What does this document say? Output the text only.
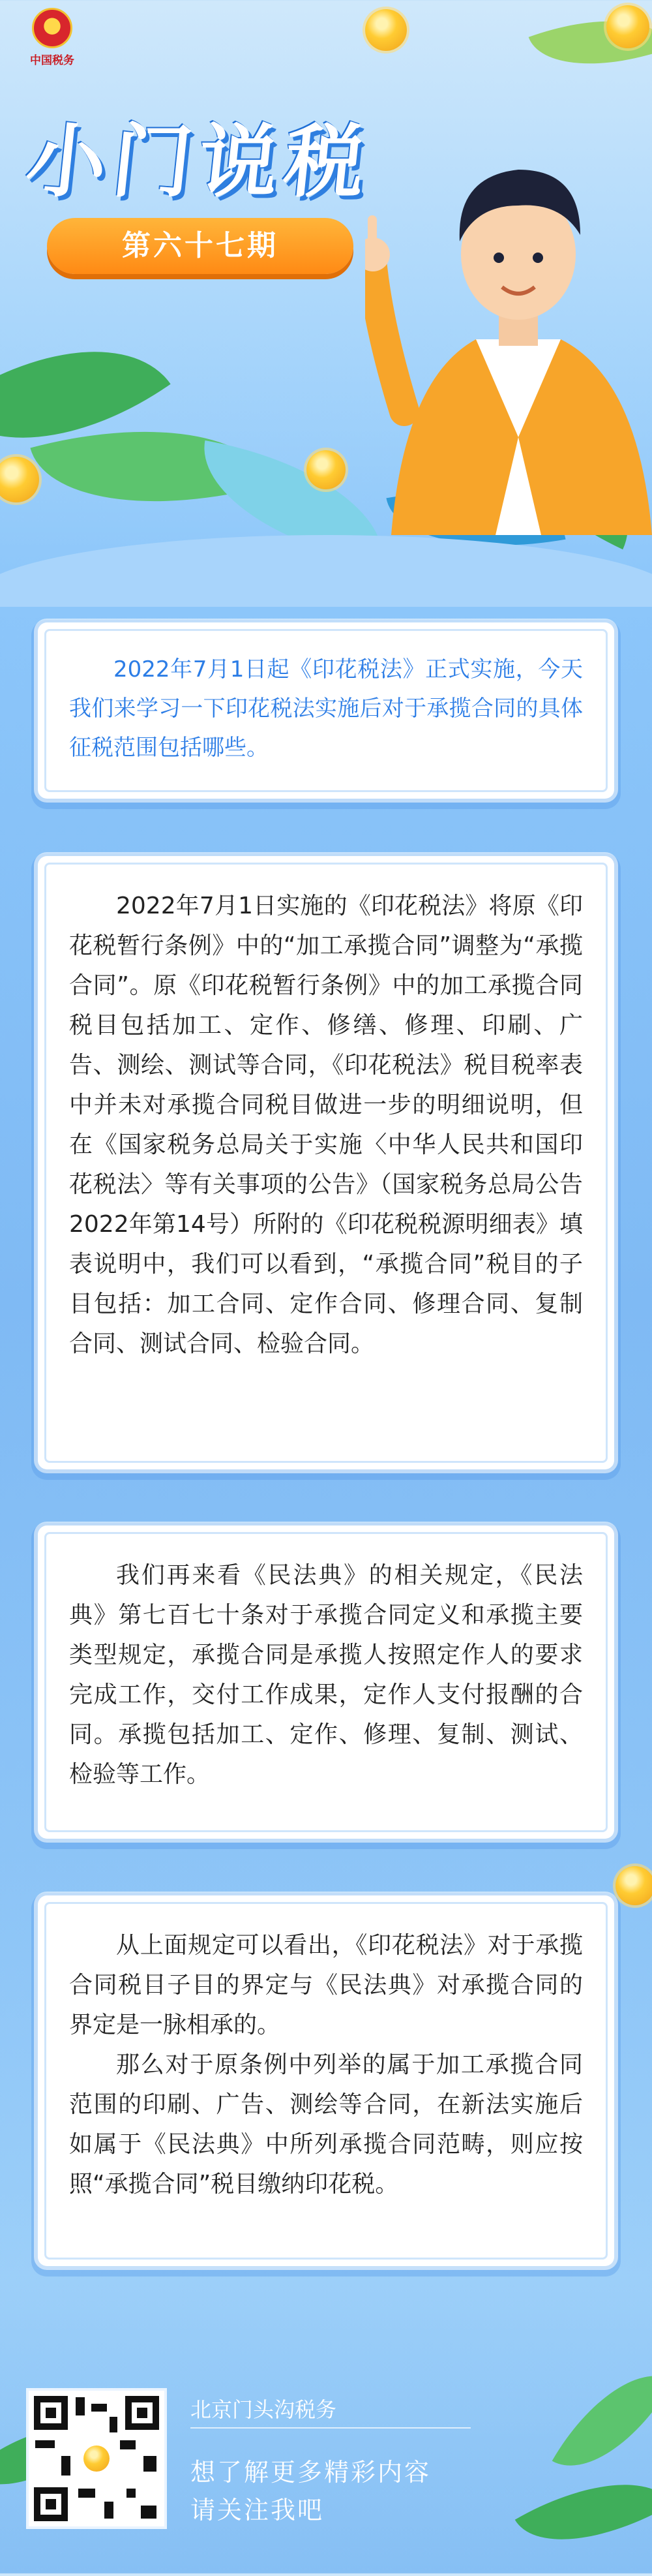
中国税务
小门说税
第六十七期

2022年7月1日起《印花税法》正式实施，今天我们来学习一下印花税法实施后对于承揽合同的具体征税范围包括哪些。

2022年7月1日实施的《印花税法》将原《印花税暂行条例》中的“加工承揽合同”调整为“承揽合同”。原《印花税暂行条例》中的加工承揽合同税目包括加工、定作、修缮、修理、印刷、广告、测绘、测试等合同，《印花税法》税目税率表中并未对承揽合同税目做进一步的明细说明，但在《国家税务总局关于实施〈中华人民共和国印花税法〉等有关事项的公告》（国家税务总局公告2022年第14号）所附的《印花税税源明细表》填表说明中，我们可以看到，“承揽合同”税目的子目包括：加工合同、定作合同、修理合同、复制合同、测试合同、检验合同。

我们再来看《民法典》的相关规定，《民法典》第七百七十条对于承揽合同定义和承揽主要类型规定，承揽合同是承揽人按照定作人的要求完成工作，交付工作成果，定作人支付报酬的合同。承揽包括加工、定作、修理、复制、测试、检验等工作。

从上面规定可以看出，《印花税法》对于承揽合同税目子目的界定与《民法典》对承揽合同的界定是一脉相承的。

那么对于原条例中列举的属于加工承揽合同范围的印刷、广告、测绘等合同，在新法实施后如属于《民法典》中所列承揽合同范畴，则应按照“承揽合同”税目缴纳印花税。

北京门头沟税务
想了解更多精彩内容
请关注我吧
